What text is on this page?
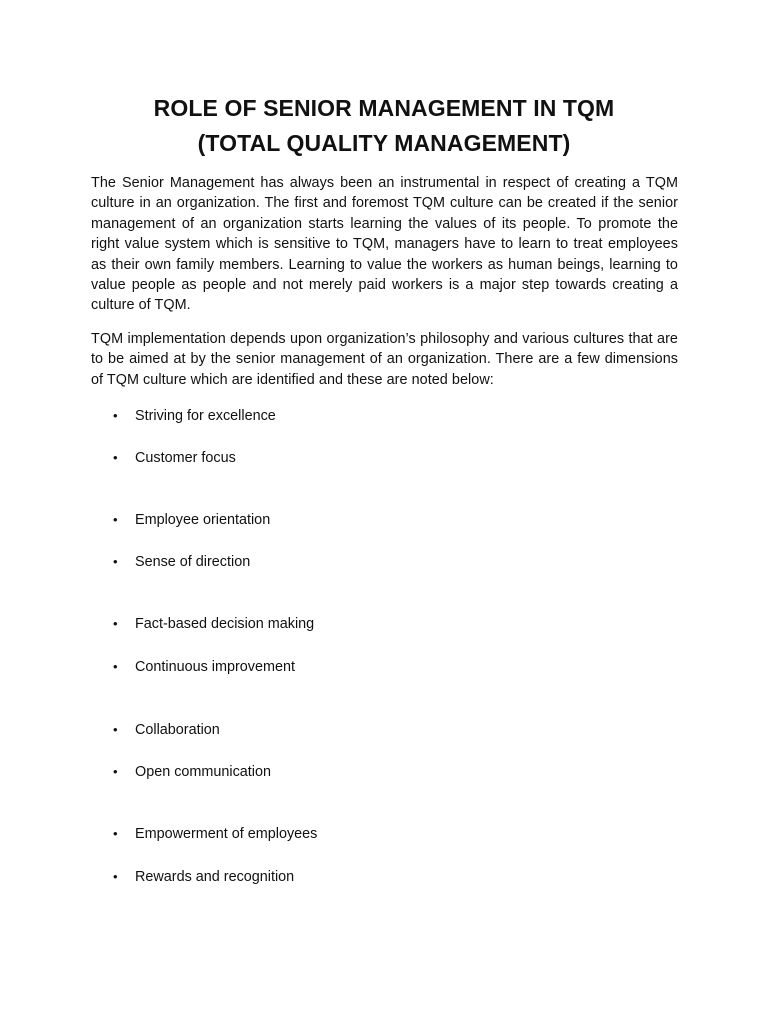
ROLE OF SENIOR MANAGEMENT IN TQM
(TOTAL QUALITY MANAGEMENT)

The Senior Management has always been an instrumental in respect of creating a TQM culture in an organization. The first and foremost TQM culture can be created if the senior management of an organization starts learning the values of its people. To promote the right value system which is sensitive to TQM, managers have to learn to treat employees as their own family members. Learning to value the workers as human beings, learning to value people as people and not merely paid workers is a major step towards creating a culture of TQM.

TQM implementation depends upon organization’s philosophy and various cultures that are to be aimed at by the senior management of an organization. There are a few dimensions of TQM culture which are identified and these are noted below:

•	Striving for excellence
•	Customer focus
•	Employee orientation
•	Sense of direction
•	Fact-based decision making
•	Continuous improvement
•	Collaboration
•	Open communication
•	Empowerment of employees
•	Rewards and recognition
